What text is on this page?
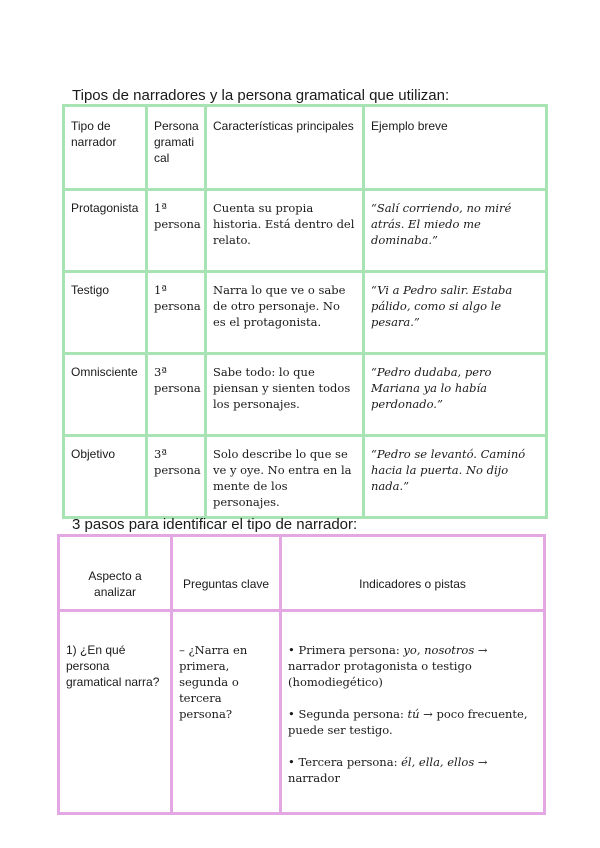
Tipos de narradores y la persona gramatical que utilizan:
Tipo de narrador	Persona gramati cal	Características principales	Ejemplo breve
Protagonista	1ª persona	Cuenta su propia historia. Está dentro del relato.	“Salí corriendo, no miré atrás. El miedo me dominaba.”
Testigo	1ª persona	Narra lo que ve o sabe de otro personaje. No es el protagonista.	“Vi a Pedro salir. Estaba pálido, como si algo le pesara.”
Omnisciente	3ª persona	Sabe todo: lo que piensan y sienten todos los personajes.	“Pedro dudaba, pero Mariana ya lo había perdonado.”
Objetivo	3ª persona	Solo describe lo que se ve y oye. No entra en la mente de los personajes.	“Pedro se levantó. Caminó hacia la puerta. No dijo nada.”
3 pasos para identificar el tipo de narrador:
Aspecto a analizar	Preguntas clave	Indicadores o pistas
1) ¿En qué persona gramatical narra?	– ¿Narra en primera, segunda o tercera persona?	• Primera persona: yo, nosotros → narrador protagonista o testigo (homodiegético)

• Segunda persona: tú → poco frecuente, puede ser testigo.

• Tercera persona: él, ella, ellos → narrador
